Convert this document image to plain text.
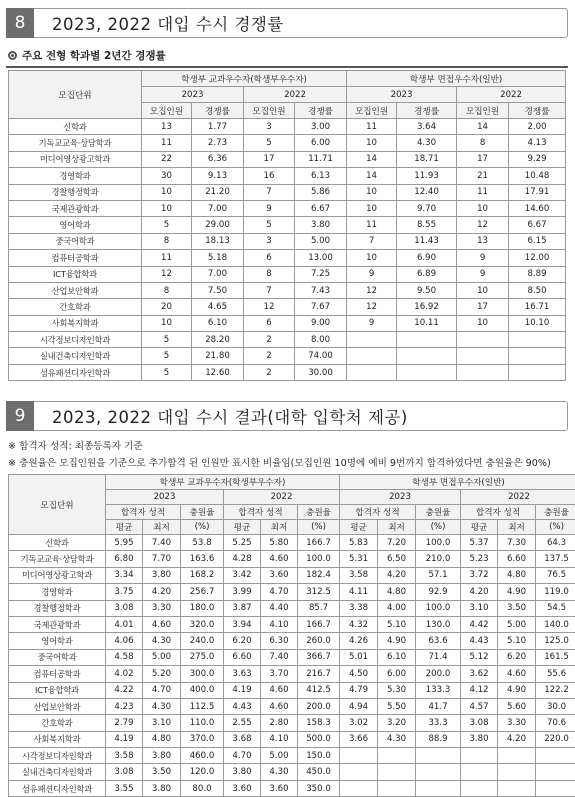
8	2023, 2022 대입 수시 경쟁률
주요 전형 학과별 2년간 경쟁률
모집단위	학생부 교과우수자(학생부우수자)				학생부 면접우수자(일반)			
	2023		2022		2023		2022	
	모집인원	경쟁률	모집인원	경쟁률	모집인원	경쟁률	모집인원	경쟁률
신학과	13	1.77	3	3.00	11	3.64	14	2.00
기독교교육·상담학과	11	2.73	5	6.00	10	4.30	8	4.13
미디어영상광고학과	22	6.36	17	11.71	14	18.71	17	9.29
경영학과	30	9.13	16	6.13	14	11.93	21	10.48
경찰행정학과	10	21.20	7	5.86	10	12.40	11	17.91
국제관광학과	10	7.00	9	6.67	10	9.70	10	14.60
영어학과	5	29.00	5	3.80	11	8.55	12	6.67
중국어학과	8	18.13	3	5.00	7	11.43	13	6.15
컴퓨터공학과	11	5.18	6	13.00	10	6.90	9	12.00
ICT융합학과	12	7.00	8	7.25	9	6.89	9	8.89
산업보안학과	8	7.50	7	7.43	12	9.50	10	8.50
간호학과	20	4.65	12	7.67	12	16.92	17	16.71
사회복지학과	10	6.10	6	9.00	9	10.11	10	10.10
시각정보디자인학과	5	28.20	2	8.00				
실내건축디자인학과	5	21.80	2	74.00				
섬유패션디자인학과	5	12.60	2	30.00				
9	2023, 2022 대입 수시 결과(대학 입학처 제공)
※ 합격자 성적: 최종등록자 기준
※ 충원율은 모집인원을 기준으로 추가합격 된 인원만 표시한 비율임(모집인원 10명에 예비 9번까지 합격하였다면 충원율은 90%)
모집단위	학생부 교과우수자(학생부우수자)						학생부 면접우수자(일반)					
	2023			2022			2023			2022		
	합격자 성적		충원율	합격자 성적		충원율	합격자 성적		충원율	합격자 성적		충원율
	평균	최저	(%)	평균	최저	(%)	평균	최저	(%)	평균	최저	(%)
신학과	5.95	7.40	53.8	5.25	5.80	166.7	5.83	7.20	100.0	5.37	7.30	64.3
기독교교육·상담학과	6.80	7.70	163.6	4.28	4.60	100.0	5.31	6.50	210.0	5.23	6.60	137.5
미디어영상광고학과	3.34	3.80	168.2	3.42	3.60	182.4	3.58	4.20	57.1	3.72	4.80	76.5
경영학과	3.75	4.20	256.7	3.99	4.70	312.5	4.11	4.80	92.9	4.20	4.90	119.0
경찰행정학과	3.08	3.30	180.0	3.87	4.40	85.7	3.38	4.00	100.0	3.10	3.50	54.5
국제관광학과	4.01	4.60	320.0	3.94	4.10	166.7	4.32	5.10	130.0	4.42	5.00	140.0
영어학과	4.06	4.30	240.0	6.20	6.30	260.0	4.26	4.90	63.6	4.43	5.10	125.0
중국어학과	4.58	5.00	275.0	6.60	7.40	366.7	5.01	6.10	71.4	5.12	6.20	161.5
컴퓨터공학과	4.02	5.20	300.0	3.63	3.70	216.7	4.50	6.00	200.0	3.62	4.60	55.6
ICT융합학과	4.22	4.70	400.0	4.19	4.60	412.5	4.79	5.30	133.3	4.12	4.90	122.2
산업보안학과	4.23	4.30	112.5	4.43	4.60	200.0	4.94	5.50	41.7	4.57	5.60	30.0
간호학과	2.79	3.10	110.0	2.55	2.80	158.3	3.02	3.20	33.3	3.08	3.30	70.6
사회복지학과	4.19	4.80	370.0	3.68	4.10	500.0	3.66	4.30	88.9	3.80	4.20	220.0
시각정보디자인학과	3.58	3.80	460.0	4.70	5.00	150.0						
실내건축디자인학과	3.08	3.50	120.0	3.80	4.30	450.0						
섬유패션디자인학과	3.55	3.80	80.0	3.60	3.60	350.0						
